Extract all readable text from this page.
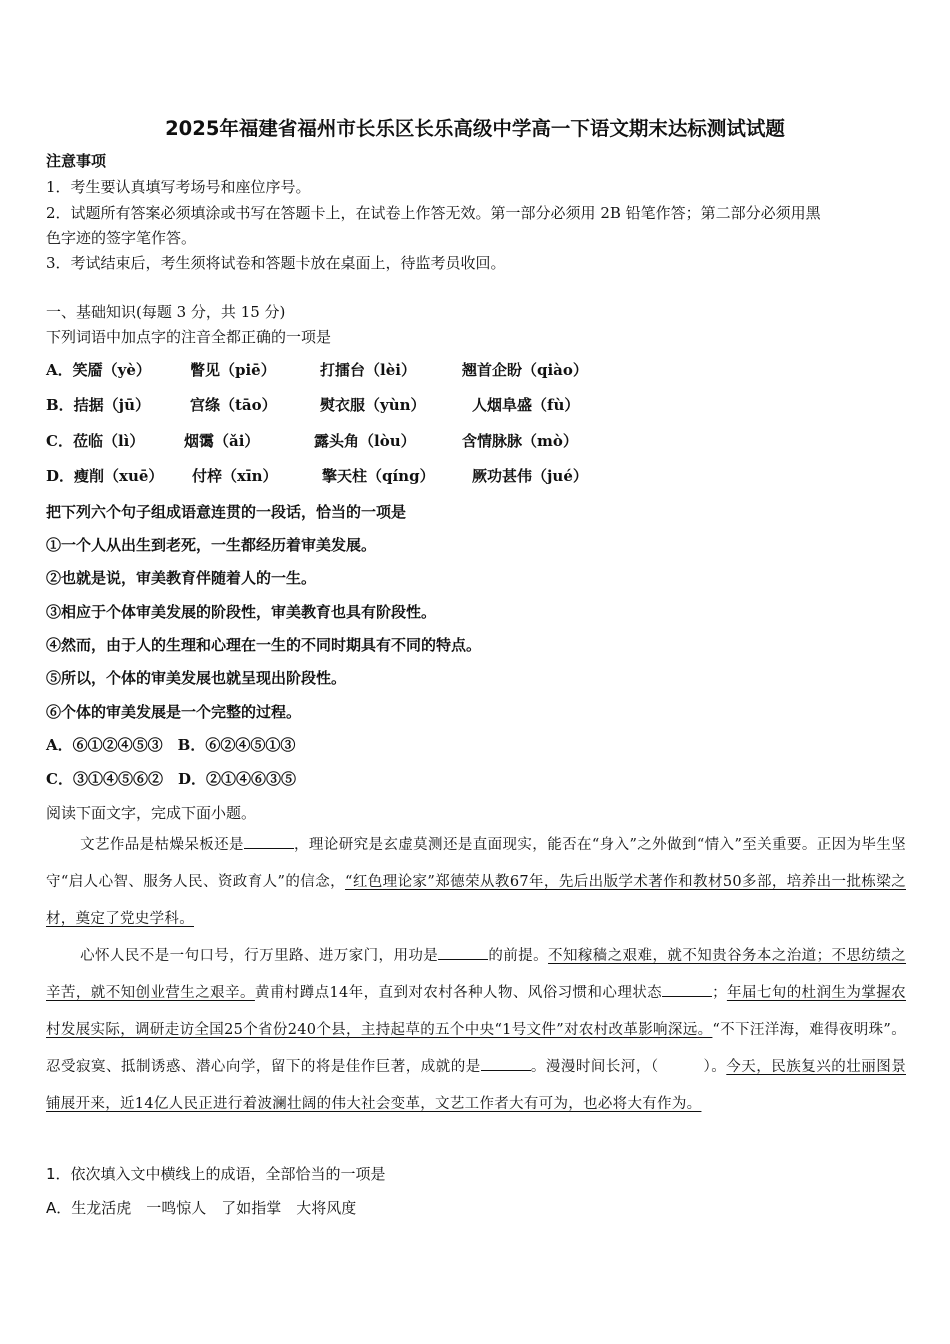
2025年福建省福州市长乐区长乐高级中学高一下语文期末达标测试试题
注意事项
1．考生要认真填写考场号和座位序号。
2．试题所有答案必须填涂或书写在答题卡上，在试卷上作答无效。第一部分必须用 2B 铅笔作答；第二部分必须用黑
色字迹的签字笔作答。
3．考试结束后，考生须将试卷和答题卡放在桌面上，待监考员收回。
一、基础知识(每题 3 分，共 15 分)
下列词语中加点字的注音全都正确的一项是
A．笑靥（yè）	瞥见（piē）	打擂台（lèi）	翘首企盼（qiào）
B．拮据（jū）	宫绦（tāo）	熨衣服（yùn）	人烟阜盛（fù）
C．莅临（lì）	烟霭（ǎi）	露头角（lòu）	含情脉脉（mò）
D．瘦削（xuē） 付梓（xīn）	擎天柱（qíng） 厥功甚伟（jué）
把下列六个句子组成语意连贯的一段话，恰当的一项是
①一个人从出生到老死，一生都经历着审美发展。
②也就是说，审美教育伴随着人的一生。
③相应于个体审美发展的阶段性，审美教育也具有阶段性。
④然而，由于人的生理和心理在一生的不同时期具有不同的特点。
⑤所以，个体的审美发展也就呈现出阶段性。
⑥个体的审美发展是一个完整的过程。
A．⑥①②④⑤③　B．⑥②④⑤①③
C．③①④⑤⑥②　D．②①④⑥③⑤
阅读下面文字，完成下面小题。
文艺作品是枯燥呆板还是	，理论研究是玄虚莫测还是直面现实，能否在“身入”之外做到“情入”至关重要。正因为毕生坚守“启人心智、服务人民、资政育人”的信念，“红色理论家”郑德荣从教67年，先后出版学术著作和教材50多部，培养出一批栋梁之材，奠定了党史学科。
心怀人民不是一句口号，行万里路、进万家门，用功是	的前提。不知稼穑之艰难，就不知贵谷务本之治道；不思纺绩之辛苦，就不知创业营生之艰辛。黄甫村蹲点14年，直到对农村各种人物、风俗习惯和心理状态	；年届七旬的杜润生为掌握农村发展实际，调研走访全国25个省份240个县，主持起草的五个中央“1号文件”对农村改革影响深远。“不下汪洋海，难得夜明珠”。忍受寂寞、抵制诱惑、潜心向学，留下的将是佳作巨著，成就的是	。漫漫时间长河，（　　　）。今天，民族复兴的壮丽图景铺展开来，近14亿人民正进行着波澜壮阔的伟大社会变革，文艺工作者大有可为，也必将大有作为。
1．依次填入文中横线上的成语，全部恰当的一项是
A．生龙活虎　一鸣惊人　了如指掌　大将风度
